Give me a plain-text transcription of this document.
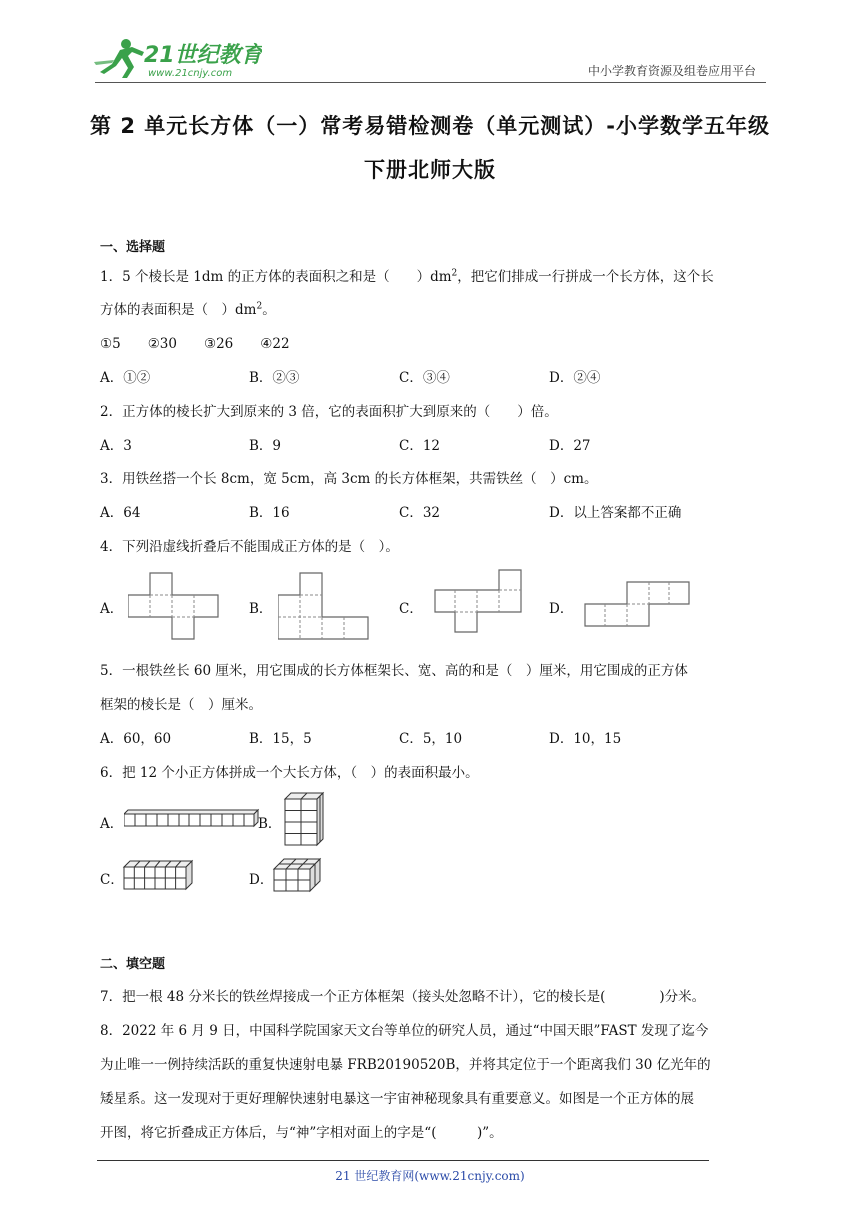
21世纪教育
www.21cnjy.com	中小学教育资源及组卷应用平台
第 2 单元长方体（一）常考易错检测卷（单元测试）-小学数学五年级
下册北师大版
一、选择题
1．5 个棱长是 1dm 的正方体的表面积之和是（　　）$dm^2$，把它们排成一行拼成一个长方体，这个长
方体的表面积是（　）$dm^2$。
①5　　②30　　③26　　④22
A．①②	B．②③	C．③④	D．②④
2．正方体的棱长扩大到原来的 3 倍，它的表面积扩大到原来的（　　）倍。
A．3	B．9	C．12	D．27
3．用铁丝搭一个长 8cm，宽 5cm，高 3cm 的长方体框架，共需铁丝（　）cm。
A．64	B．16	C．32	D．以上答案都不正确
4．下列沿虚线折叠后不能围成正方体的是（　）。
A．	B．	C．	D．
5．一根铁丝长 60 厘米，用它围成的长方体框架长、宽、高的和是（　）厘米，用它围成的正方体
框架的棱长是（　）厘米。
A．60，60	B．15，5	C．5，10	D．10，15
6．把 12 个小正方体拼成一个大长方体，（　）的表面积最小。
A．	B．
C．	D．
二、填空题
7．把一根 48 分米长的铁丝焊接成一个正方体框架（接头处忽略不计），它的棱长是(　　　　)分米。
8．2022 年 6 月 9 日，中国科学院国家天文台等单位的研究人员，通过“中国天眼”FAST 发现了迄今
为止唯一一例持续活跃的重复快速射电暴 FRB20190520B，并将其定位于一个距离我们 30 亿光年的
矮星系。这一发现对于更好理解快速射电暴这一宇宙神秘现象具有重要意义。如图是一个正方体的展
开图，将它折叠成正方体后，与“神”字相对面上的字是“(　　　)”。
21 世纪教育网(www.21cnjy.com)
